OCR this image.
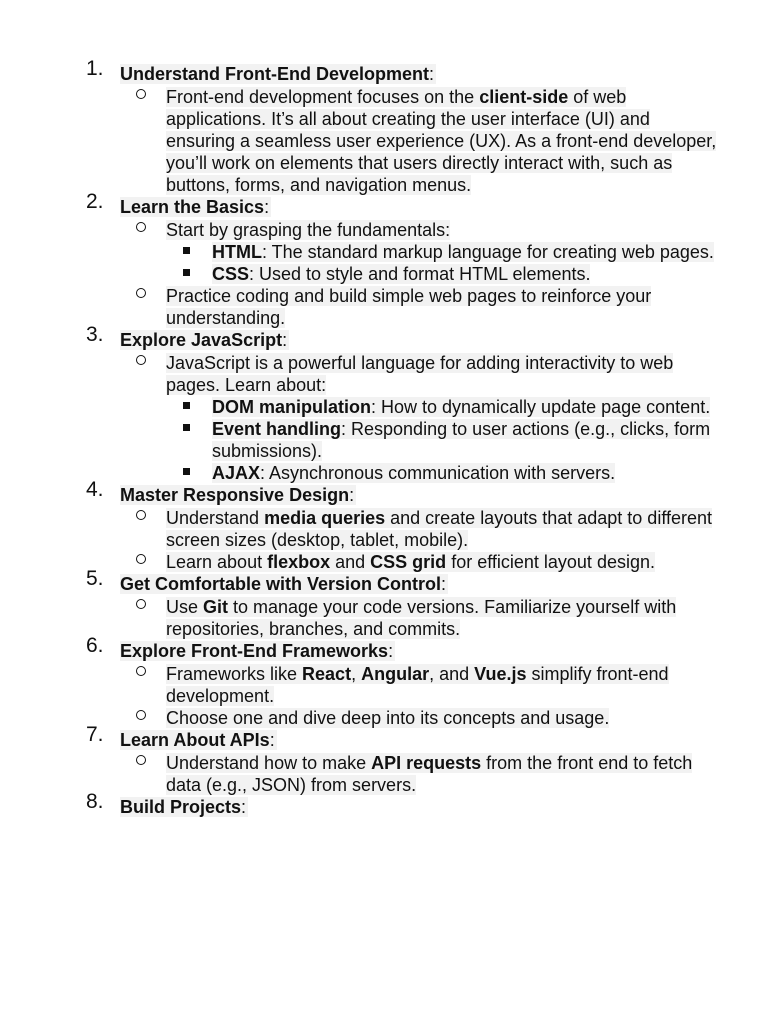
1. Understand Front-End Development:
Front-end development focuses on the client-side of web applications. It’s all about creating the user interface (UI) and ensuring a seamless user experience (UX). As a front-end developer, you’ll work on elements that users directly interact with, such as buttons, forms, and navigation menus.
2. Learn the Basics:
Start by grasping the fundamentals:
HTML: The standard markup language for creating web pages.
CSS: Used to style and format HTML elements.
Practice coding and build simple web pages to reinforce your understanding.
3. Explore JavaScript:
JavaScript is a powerful language for adding interactivity to web pages. Learn about:
DOM manipulation: How to dynamically update page content.
Event handling: Responding to user actions (e.g., clicks, form submissions).
AJAX: Asynchronous communication with servers.
4. Master Responsive Design:
Understand media queries and create layouts that adapt to different screen sizes (desktop, tablet, mobile).
Learn about flexbox and CSS grid for efficient layout design.
5. Get Comfortable with Version Control:
Use Git to manage your code versions. Familiarize yourself with repositories, branches, and commits.
6. Explore Front-End Frameworks:
Frameworks like React, Angular, and Vue.js simplify front-end development.
Choose one and dive deep into its concepts and usage.
7. Learn About APIs:
Understand how to make API requests from the front end to fetch data (e.g., JSON) from servers.
8. Build Projects:
